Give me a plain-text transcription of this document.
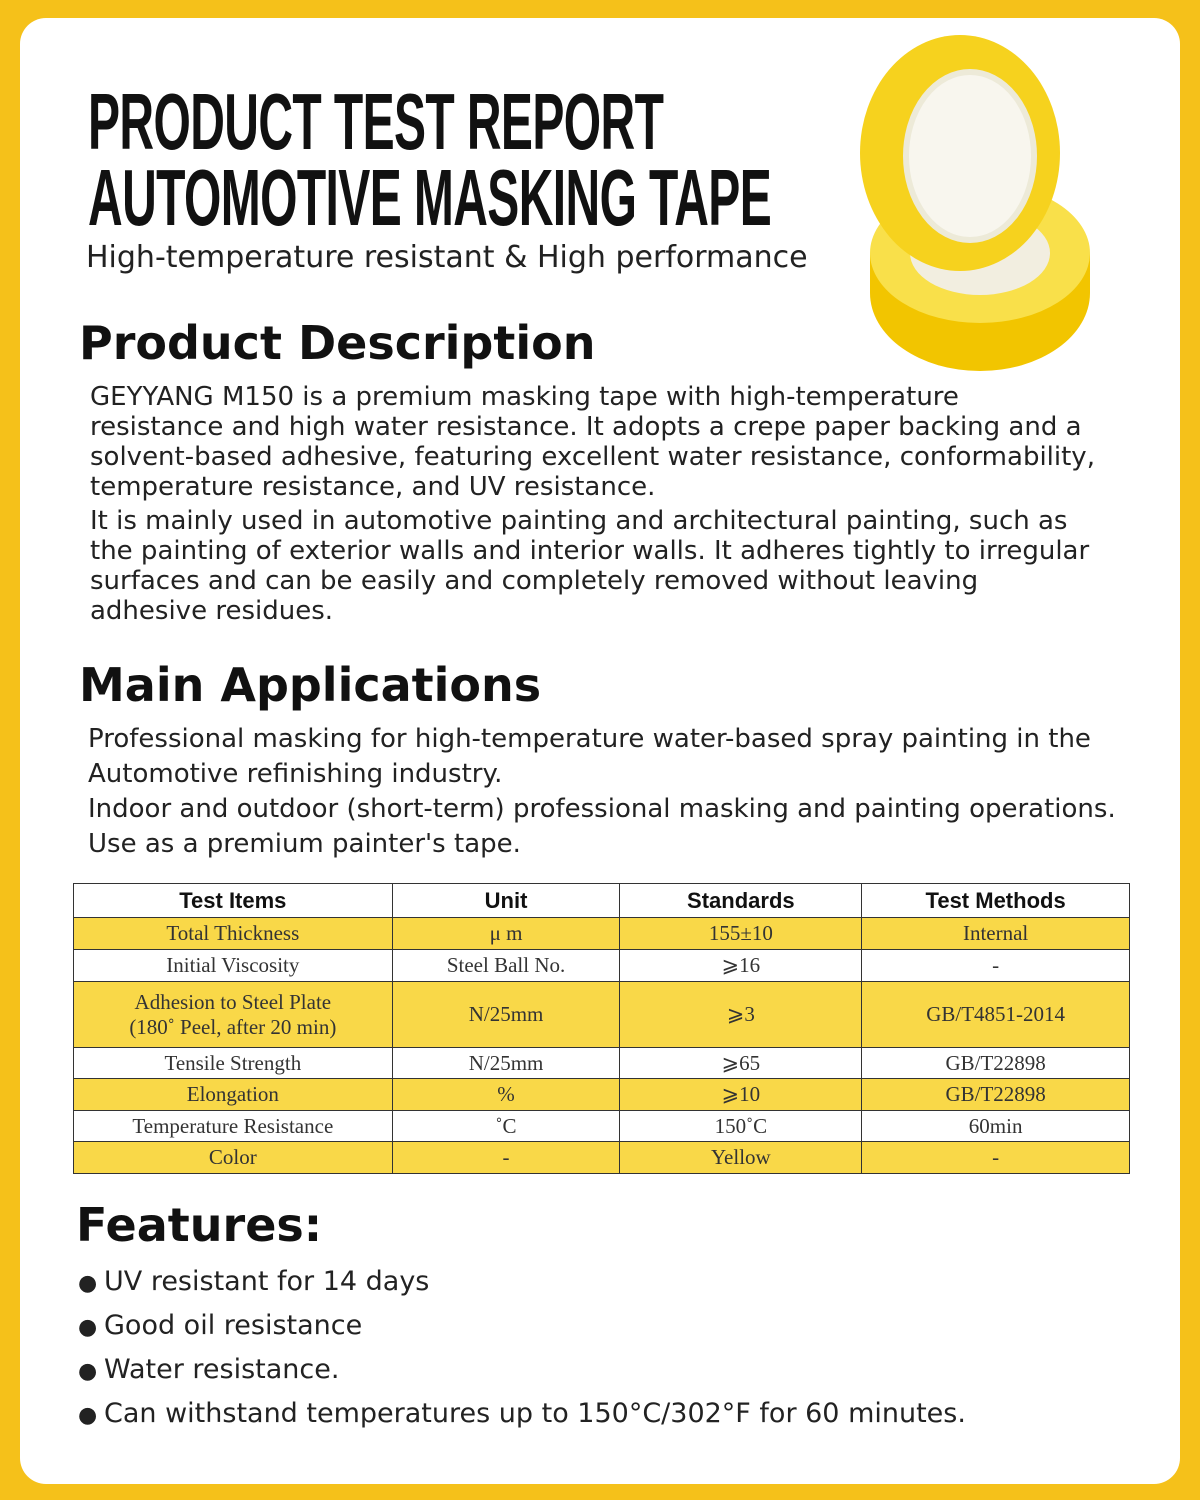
PRODUCT TEST REPORT
AUTOMOTIVE MASKING TAPE
High-temperature resistant & High performance
Product Description

GEYYANG M150 is a premium masking tape with high-temperature resistance and high water resistance. It adopts a crepe paper backing and a solvent-based adhesive, featuring excellent water resistance, conformability, temperature resistance, and UV resistance.

It is mainly used in automotive painting and architectural painting, such as the painting of exterior walls and interior walls. It adheres tightly to irregular surfaces and can be easily and completely removed without leaving adhesive residues.

Main Applications

Professional masking for high-temperature water-based spray painting in the Automotive refinishing industry.

Indoor and outdoor (short-term) professional masking and painting operations. Use as a premium painter's tape.

Test Items	Unit	Standards	Test Methods
Total Thickness	μ m	155±10	Internal
Initial Viscosity	Steel Ball No.	⩾16	-
Adhesion to Steel Plate
(180˚ Peel, after 20 min)	N/25mm	⩾3	GB/T4851-2014
Tensile Strength	N/25mm	⩾65	GB/T22898
Elongation	%	⩾10	GB/T22898
Temperature Resistance	˚C	150˚C	60min
Color	-	Yellow	-
Features:
● UV resistant for 14 days
● Good oil resistance
● Water resistance.
● Can withstand temperatures up to 150°C/302°F for 60 minutes.
